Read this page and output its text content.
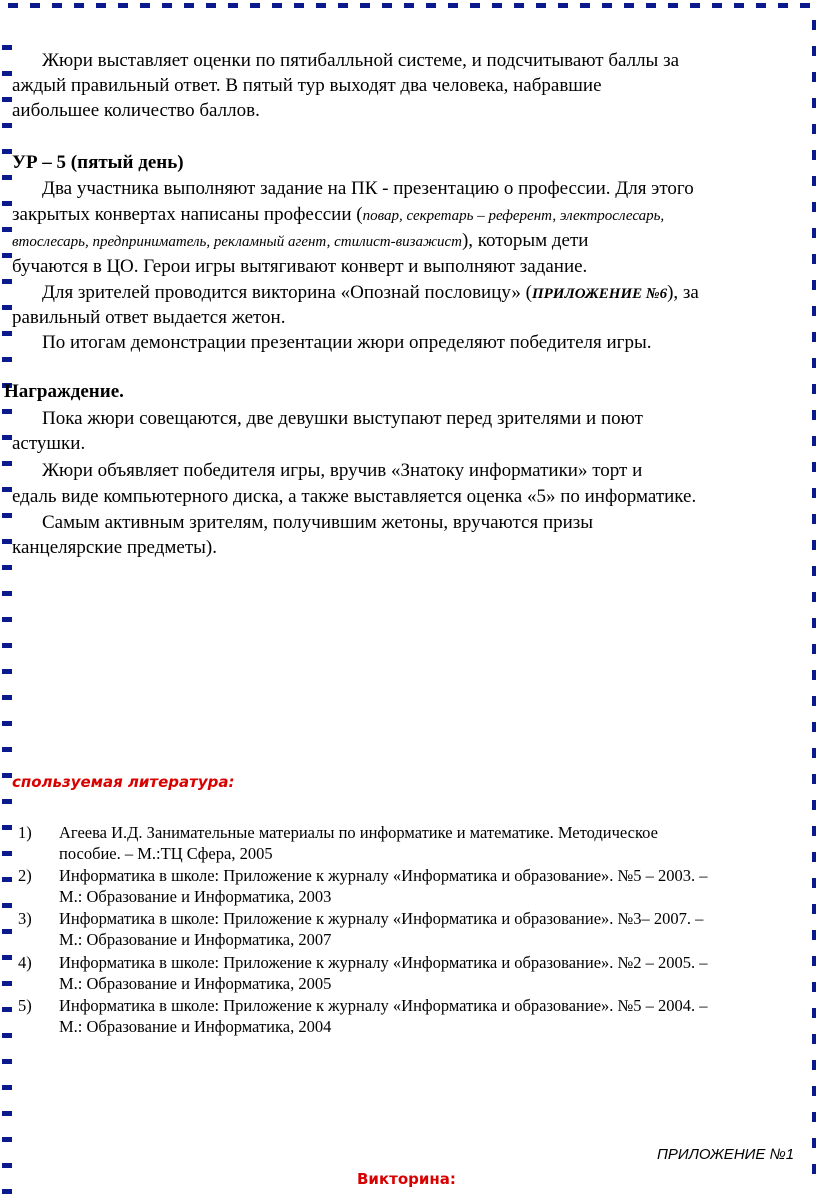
Жюри выставляет оценки по пятибалльной системе, и подсчитывают баллы за
аждый правильный ответ. В пятый тур выходят два человека, набравшие
аибольшее количество баллов.
УР – 5 (пятый день)
Два участника выполняют задание на ПК - презентацию о профессии. Для этого
закрытых конвертах написаны профессии (повар, секретарь – референт, электрослесарь,
втослесарь, предприниматель, рекламный агент, стилист-визажист), которым дети
бучаются в ЦО. Герои игры вытягивают конверт и выполняют задание.
Для зрителей проводится викторина «Опознай пословицу» (ПРИЛОЖЕНИЕ №6), за
равильный ответ выдается жетон.
По итогам демонстрации презентации жюри определяют победителя игры.
Награждение.
Пока жюри совещаются, две девушки выступают перед зрителями и поют
астушки.
Жюри объявляет победителя игры, вручив «Знатоку информатики» торт и
едаль виде компьютерного диска, а также выставляется оценка «5» по информатике.
Самым активным зрителям, получившим жетоны, вручаются призы
канцелярские предметы).
спользуемая литература:
1)	Агеева И.Д. Занимательные материалы по информатике и математике. Методическое
пособие. – М.:ТЦ Сфера, 2005
2)	Информатика в школе: Приложение к журналу «Информатика и образование». №5 – 2003. –
М.: Образование и Информатика, 2003
3)	Информатика в школе: Приложение к журналу «Информатика и образование». №3– 2007. –
М.: Образование и Информатика, 2007
4)	Информатика в школе: Приложение к журналу «Информатика и образование». №2 – 2005. –
М.: Образование и Информатика, 2005
5)	Информатика в школе: Приложение к журналу «Информатика и образование». №5 – 2004. –
М.: Образование и Информатика, 2004
ПРИЛОЖЕНИЕ №1
Викторина:
